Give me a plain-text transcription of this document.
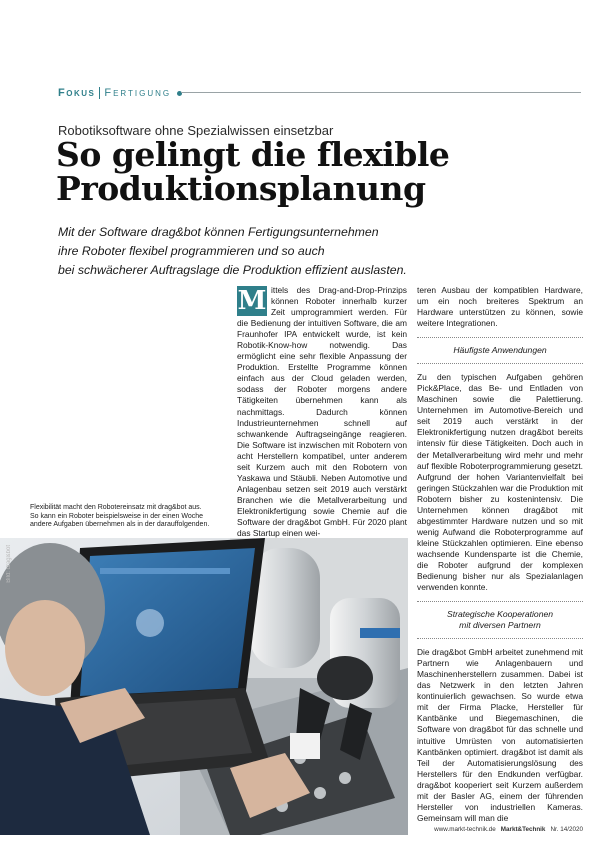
Fokus Fertigung
Robotiksoftware ohne Spezialwissen einsetzbar
So gelingt die flexible
Produktionsplanung
Mit der Software drag&bot können Fertigungsunternehmen
ihre Roboter flexibel programmieren und so auch
bei schwächerer Auftragslage die Produktion effizient auslasten.
M ittels des Drag-and-Drop-Prinzips können Roboter innerhalb kurzer Zeit umprogrammiert werden. Für die Bedienung der intuitiven Software, die am Fraunhofer IPA entwickelt wurde, ist kein Robotik-Know-how notwendig. Das ermöglicht eine sehr flexible Anpassung der Produktion. Erstellte Programme können einfach aus der Cloud geladen werden, sodass der Roboter morgens andere Tätigkeiten übernehmen kann als nachmittags. Dadurch können Industrieunternehmen schnell auf schwankende Auftragseingänge reagieren. Die Software ist inzwischen mit Robotern von acht Herstellern kompatibel, unter anderem seit Kurzem auch mit den Robotern von Yaskawa und Stäubli. Neben Automotive und Anlagenbau setzen seit 2019 auch verstärkt Branchen wie die Metallverarbeitung und Elektronikfertigung sowie Chemie auf die Software der drag&bot GmbH. Für 2020 plant das Startup einen wei-

teren Ausbau der kompatiblen Hardware, um ein noch breiteres Spektrum an Hardware unterstützen zu können, sowie weitere Integrationen.

Häufigste Anwendungen

Zu den typischen Aufgaben gehören Pick&Place, das Be- und Entladen von Maschinen sowie die Palettierung. Unternehmen im Automotive-Bereich und seit 2019 auch verstärkt in der Elektronikfertigung nutzen drag&bot bereits intensiv für diese Tätigkeiten. Doch auch in der Metallverarbeitung wird mehr und mehr auf flexible Roboterprogrammierung gesetzt. Aufgrund der hohen Variantenvielfalt bei geringen Stückzahlen war die Produktion mit Robotern bisher zu kostenintensiv. Die Unternehmen können drag&bot mit abgestimmter Hardware nutzen und so mit wenig Aufwand die Roboterprogramme auf kleine Stückzahlen optimieren. Eine ebenso wachsende Kundensparte ist die Chemie, die Roboter aufgrund der komplexen Bedienung bisher nur als Spezialanlagen verwenden konnte.

Strategische Kooperationen
mit diversen Partnern

Die drag&bot GmbH arbeitet zunehmend mit Partnern wie Anlagenbauern und Maschinenherstellern zusammen. Dabei ist das Netzwerk in den letzten Jahren kontinuierlich gewachsen. So wurde etwa mit der Firma Placke, Hersteller für Kantbänke und Biegemaschinen, die Software von drag&bot für das schnelle und intuitive Umrüsten von automatisierten Kantbänken optimiert. drag&bot ist damit als Teil der Automatisierungslösung des Herstellers für den Endkunden verfügbar. drag&bot kooperiert seit Kurzem außerdem mit der Basler AG, einem der führenden Hersteller von industriellen Kameras. Gemeinsam will man die

Flexibilität macht den Robotereinsatz mit drag&bot aus.
So kann ein Roboter beispielsweise in der einen Woche
andere Aufgaben übernehmen als in der darauffolgenden.
Bild: drag&bot
www.markt-technik.de Markt&Technik Nr. 14/2020
